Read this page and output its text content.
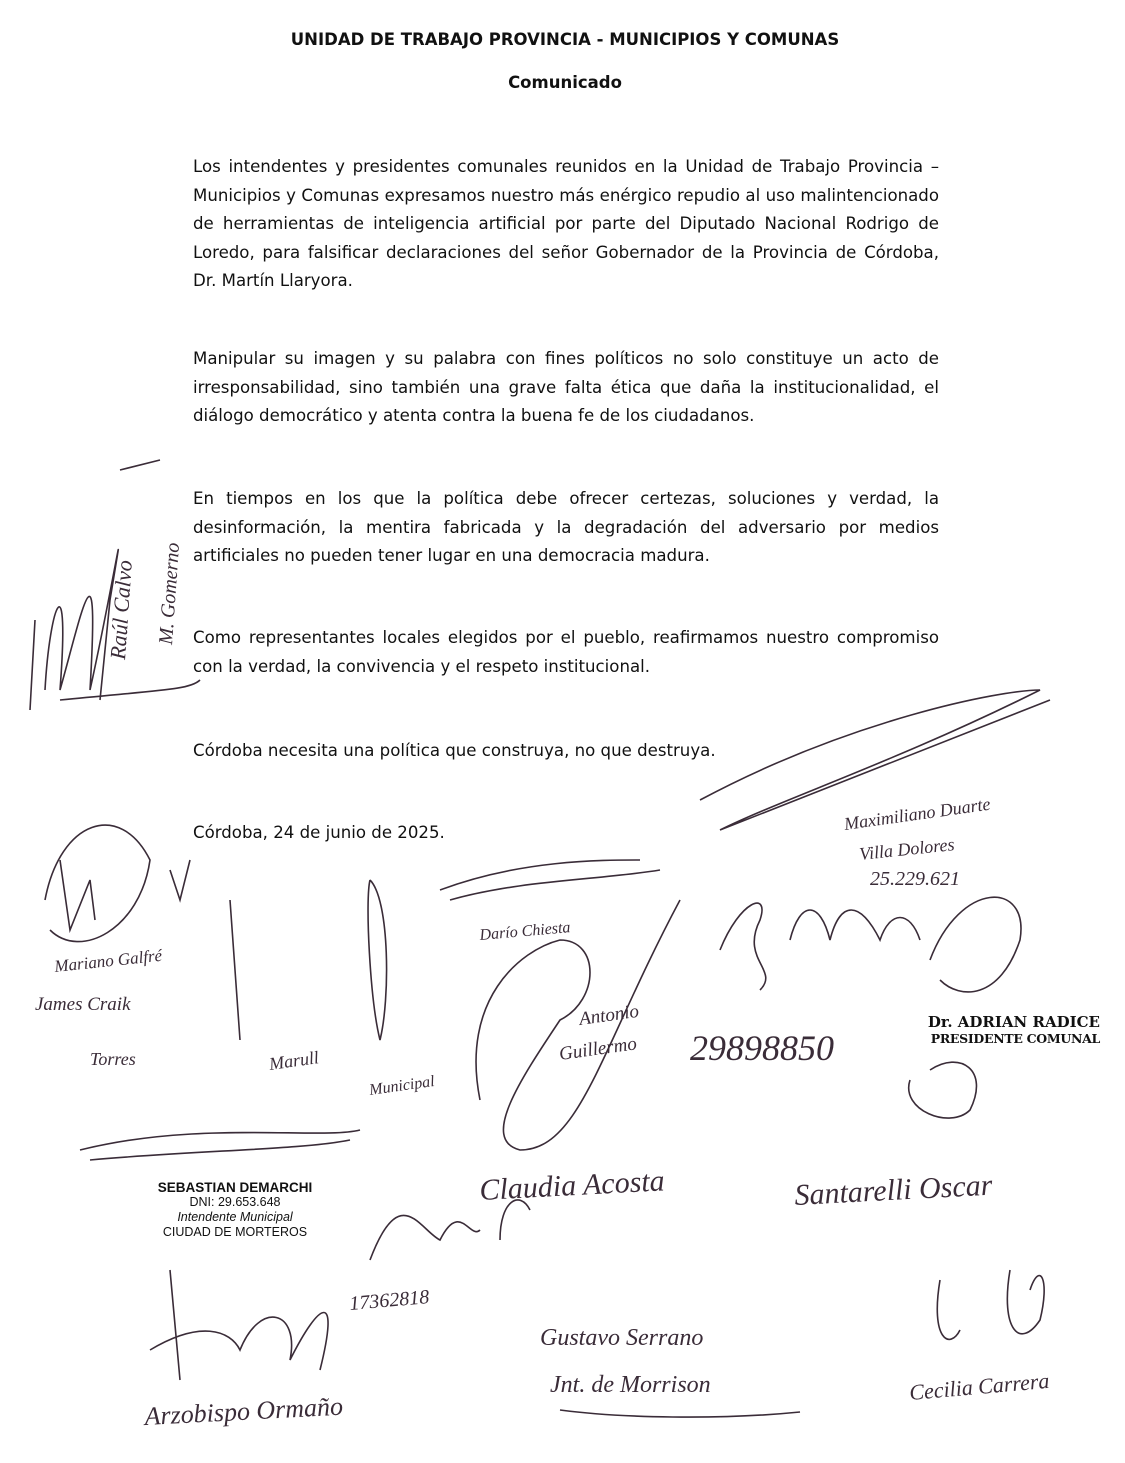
UNIDAD DE TRABAJO PROVINCIA - MUNICIPIOS Y COMUNAS
Comunicado
Los intendentes y presidentes comunales reunidos en la Unidad de Trabajo Provincia – Municipios y Comunas expresamos nuestro más enérgico repudio al uso malintencionado de herramientas de inteligencia artificial por parte del Diputado Nacional Rodrigo de Loredo, para falsificar declaraciones del señor Gobernador de la Provincia de Córdoba, Dr. Martín Llaryora.
Manipular su imagen y su palabra con fines políticos no solo constituye un acto de irresponsabilidad, sino también una grave falta ética que daña la institucionalidad, el diálogo democrático y atenta contra la buena fe de los ciudadanos.
En tiempos en los que la política debe ofrecer certezas, soluciones y verdad, la desinformación, la mentira fabricada y la degradación del adversario por medios artificiales no pueden tener lugar en una democracia madura.
Como representantes locales elegidos por el pueblo, reafirmamos nuestro compromiso con la verdad, la convivencia y el respeto institucional.
Córdoba necesita una política que construya, no que destruya.
Córdoba, 24 de junio de 2025.
SEBASTIAN DEMARCHI
DNI: 29.653.648
Intendente Municipal
CIUDAD DE MORTEROS
Dr. ADRIAN RADICE
PRESIDENTE COMUNAL
Raúl Calvo M. Gomerno
Maximiliano Duarte
Villa Dolores
25.229.621
Mariano Galfré
James Craik
Darío Chiesta
Torres	Marull
Municipal
Antonio
Guillermo 29898850
17362818
Claudia Acosta	Santarelli Oscar
Gustavo Serrano
Jnt. de Morrison
Arzobispo Ormaño
Cecilia Carrera
